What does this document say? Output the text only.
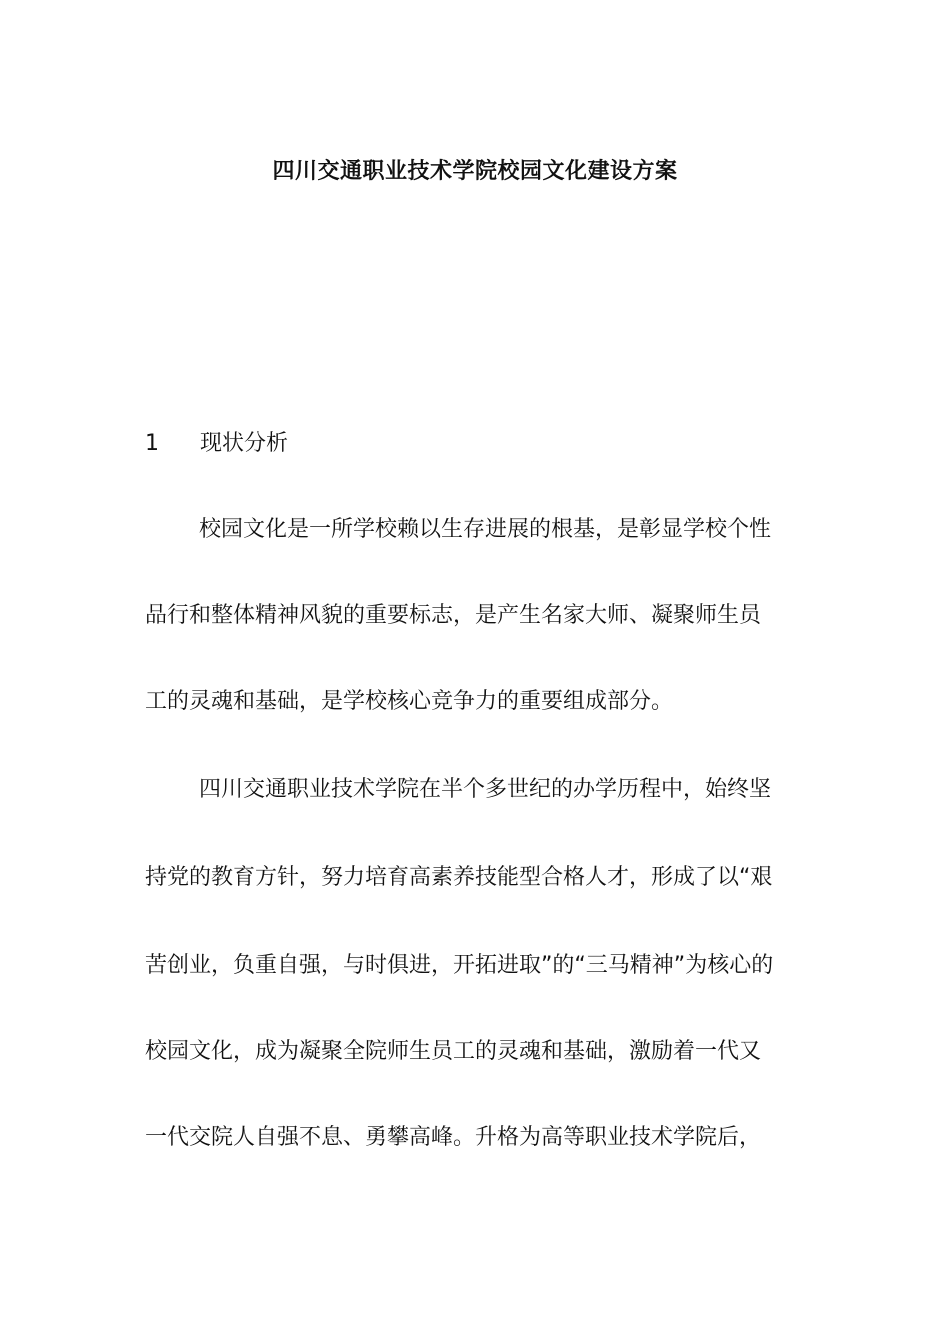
四川交通职业技术学院校园文化建设方案
1 现状分析
校园文化是一所学校赖以生存进展的根基，是彰显学校个性
品行和整体精神风貌的重要标志，是产生名家大师、凝聚师生员
工的灵魂和基础，是学校核心竞争力的重要组成部分。
四川交通职业技术学院在半个多世纪的办学历程中，始终坚
持党的教育方针，努力培育高素养技能型合格人才，形成了以“艰
苦创业，负重自强，与时俱进，开拓进取”的“三马精神”为核心的
校园文化，成为凝聚全院师生员工的灵魂和基础，激励着一代又
一代交院人自强不息、勇攀高峰。升格为高等职业技术学院后，
